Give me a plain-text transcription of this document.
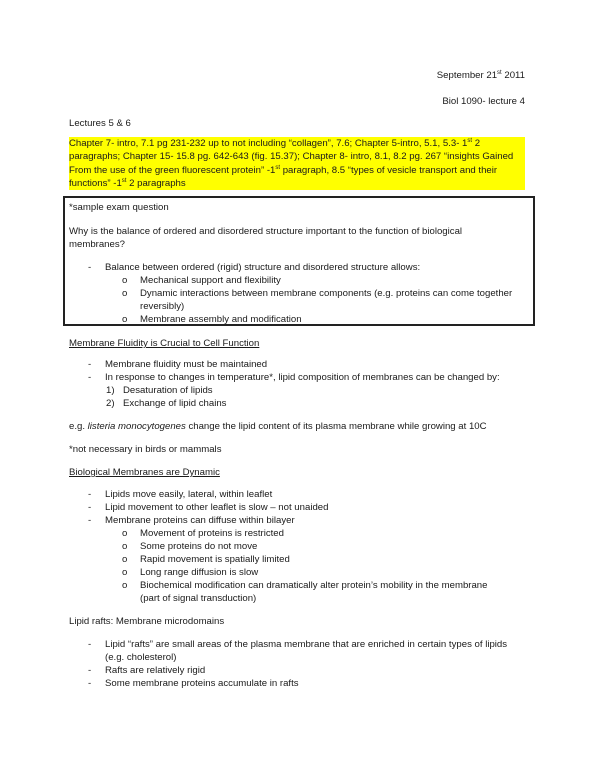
September 21st 2011
Biol 1090- lecture 4
Lectures 5 & 6

Chapter 7- intro, 7.1 pg 231-232 up to not including “collagen”, 7.6; Chapter 5-intro, 5.1, 5.3- 1st 2

paragraphs; Chapter 15- 15.8 pg. 642-643 (fig. 15.37); Chapter 8- intro, 8.1, 8.2 pg. 267 “insights Gained

From the use of the green fluorescent protein” -1st paragraph, 8.5 “types of vesicle transport and their

functions” -1st 2 paragraphs

*sample exam question
Why is the balance of ordered and disordered structure important to the function of biological
membranes?
- Balance between ordered (rigid) structure and disordered structure allows:
o Mechanical support and flexibility
o Dynamic interactions between membrane components (e.g. proteins can come together
reversibly)
o Membrane assembly and modification
Membrane Fluidity is Crucial to Cell Function
- Membrane fluidity must be maintained
- In response to changes in temperature*, lipid composition of membranes can be changed by:
1) Desaturation of lipids
2) Exchange of lipid chains
e.g. listeria monocytogenes change the lipid content of its plasma membrane while growing at 10C
*not necessary in birds or mammals
Biological Membranes are Dynamic
- Lipids move easily, lateral, within leaflet
- Lipid movement to other leaflet is slow – not unaided
- Membrane proteins can diffuse within bilayer
o Movement of proteins is restricted
o Some proteins do not move
o Rapid movement is spatially limited
o Long range diffusion is slow
o Biochemical modification can dramatically alter protein’s mobility in the membrane
(part of signal transduction)
Lipid rafts: Membrane microdomains
- Lipid “rafts” are small areas of the plasma membrane that are enriched in certain types of lipids
(e.g. cholesterol)
- Rafts are relatively rigid
- Some membrane proteins accumulate in rafts
